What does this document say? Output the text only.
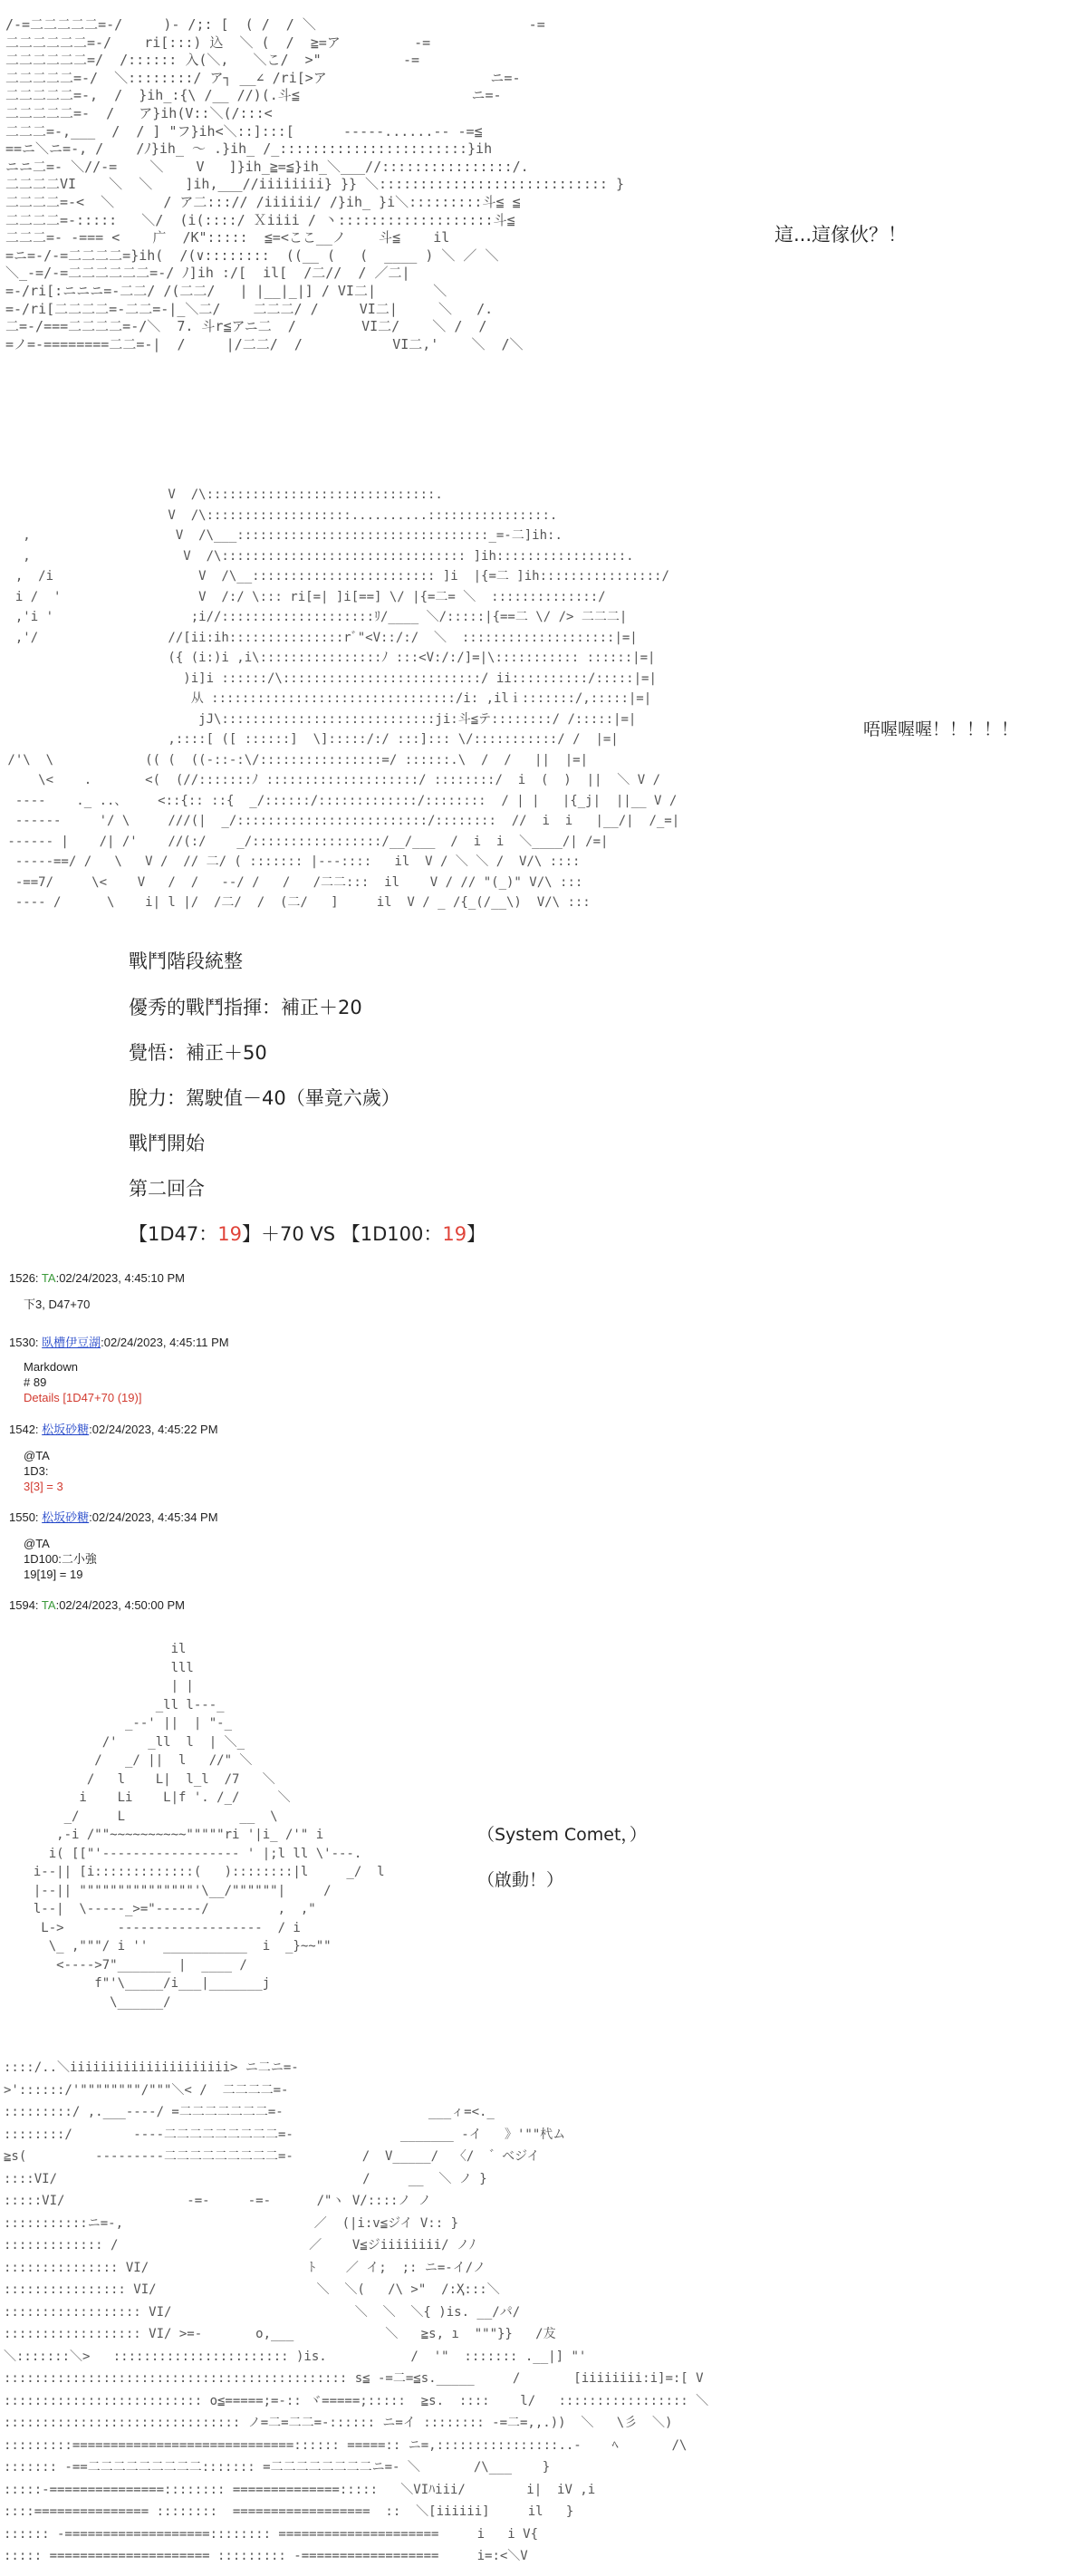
/-=二二二二二=-/     )- /;: [  ( /  / ＼                          -=
二二二二二二=-/    ri[:::) 込  ＼ (  /  ≧=ア         -=
二二二二二二=/  /:::::: 入(＼,   ＼こ/  >"          -=
二二二二二=-/  ＼::::::::/ ア┐ __∠ /ri[>ア                    ニ=-
二二二二二=-,  /  }ih_:{\ /__ //)(.斗≦                     ニ=-
二二二二二=-  /   ア}ih(V::＼(/:::<
二二二=-,___  /  / ] "フ}ih<＼::]:::[      -----......-- -=≦
==ニ＼ニ=-, /    /ﾉ}ih_ 〜 .}ih_ /_:::::::::::::::::::::::}ih
ニニ二=- ＼//-=    ＼    V   ]}ih_≧=≦}ih_＼___//::::::::::::::::/.
二二二二VI    ＼  ＼    ]ih,___//iiiiiiii} }} ＼:::::::::::::::::::::::::::: }
二二二二=-<  ＼      / ア二:::// /iiiiii/ /}ih_ }i＼:::::::::斗≦ ≦
二二二二=-:::::   ＼/  (i(::::/ Ｘiiii / 丶:::::::::::::::::::斗≦
二二二=- -=== <    广  /K":::::  ≦=<ここ__ノ    斗≦    il
=ニ=-/-=二二二二=}ih(  /(∨::::::::  ((__ (   (  ____ ) ＼ ／ ＼
＼_-=/-=二二二二二二=-/ ﾉ]ih :/[  il[  /二//  / ／二|
=-/ri[:ニニニ=-二二/ /(二二/   | |__|_|] / VI二|       ＼
=-/ri[二二二二=-二二=-|_＼二/    二二二/ /     VI二|     ＼   /.
二=-/===二二二二=-/＼  7. 斗r≦アニ二  /        VI二/    ＼ /  /
=ノ=-========二二=-|  /     |/二二/  /           VI二,'    ＼  /＼
這...這傢伙？！
V  /\::::::::::::::::::::::::::::::.
V  /\:::::::::::::::::::..........::::::::::::::::.
,                   V  /\___:::::::::::::::::::::::::::::::::_=-二]ih:.
,                    V  /\:::::::::::::::::::::::::::::::: ]ih:::::::::::::::::.
,  /i                   V  /\__:::::::::::::::::::::::: ]i  |{=二 ]ih::::::::::::::::/
i /  '                  V  /:/ \::: ri[=| ]i[==] \/ |{=二= ＼  ::::::::::::::/
,'i '                  ;i//::::::::::::::::::::ﾘ/____ ＼/:::::|{==二 \/ /> 二二二|
,'/                 //[ii:ih:::::::::::::::rﾞ"<V::/:/  ＼  ::::::::::::::::::::|=|
({ (i:)i ,i\::::::::::::::::ﾉ :::<V:/:/]=|\::::::::::: ::::::|=|
)i]i ::::::/\::::::::::::::::::::::::::/ ii::::::::::/:::::|=|
从 ::::::::::::::::::::::::::::::::/i: ,ilｉ:::::::/,:::::|=|
jJ\::::::::::::::::::::::::::::ji:斗≦テ::::::::/ /:::::|=|
,::::[ ([ ::::::]  \]:::::/:/ :::]::: \/:::::::::::/ /  |=|
/'\  \            (( (  ((-::-:\/::::::::::::::::=/ ::::::.\  /  /   ||  |=|
\<    .       <(  (//:::::::ﾉ ::::::::::::::::::::/ ::::::::/  i  (  )  ||  ＼ V /
----    ._ ..、    <::{:: ::{  _/::::::/:::::::::::::/::::::::  / | |   |{_j|  ||__ V /
------     '/ \     ///(|  _/:::::::::::::::::::::::::/::::::::  //  i  i   |__/|  /_=|
------ |    /| /'    //(:/    _/:::::::::::::::::/__/___  /  i  i  ＼____/| /=|
-----==/ /   \   V /  // 二/ ( ::::::: |---::::   il  V / ＼ ＼ /  V/\ ::::
-==7/     \<    V   /  /   --/ /   /   /二二:::  il    V / // "(_)" V/\ :::
---- /      \    i| l |/  /二/  /  (二/   ]     il  V / _ /{_(/__\)  V/\ :::
唔喔喔喔！！！！！
戰鬥階段統整
優秀的戰鬥指揮：補正＋20
覺悟：補正＋50
脫力：駕駛值－40（畢竟六歲）
戰鬥開始
第二回合
【1D47：19】＋70 VS 【1D100：19】
1526: TA:02/24/2023, 4:45:10 PM
下3, D47+70
1530: 臥槽伊豆湖:02/24/2023, 4:45:11 PM
Markdown
# 89
Details [1D47+70 (19)]
1542: 松坂砂糖:02/24/2023, 4:45:22 PM
@TA
1D3:
3[3] = 3
1550: 松坂砂糖:02/24/2023, 4:45:34 PM
@TA
1D100:二小強
19[19] = 19
1594: TA:02/24/2023, 4:50:00 PM
il
lll
| |
_ll l---_
_--' ||  | "-_
/'    _ll  l  | ＼_
/   _/ ||  l   //" ＼
/   l    L|  l_l  /7   ＼
i    Li    L|f '. /_/     ＼
_/     L               __  \
,-i /""~~~~~~~~~~"""""ri '|i_ /'" i
i( [["'------------------ ' |;l ll \'---.
i--|| [i:::::::::::::(   )::::::::|l     _/  l
|--|| """""""""""""""'\__/""""""|     /
l--|  \-----_>="------/         ,  ,"
L->       -------------------  / i
\_ ,"""/ i ''  ___________  i  _}~~""
<---->7"_______ |  ____ /
f"'\_____/i___|_______j
\______/
（System Comet，）
（啟動！）
::::/..＼iiiiiiiiiiiiiiiiiiiii> ニ二ニ=-
>'::::::/'""""""""/"""＼< /  二二二二=-
:::::::::/ ,.___----/ =二二二二二二二=-                   ___ィ=<._
::::::::/        ----二二二二二二二二二=-              _______ -イ   》'""杙ム
≧s(         ---------二二二二二二二二二=-         /  V_____/  〈/  ゛ベジイ
::::VI/                                        /     __  ＼ ノ }
:::::VI/                -=-     -=-      /"ヽ V/::::ノ ノ
:::::::::::ニ=-,                         ／  (|i:v≦ジイ V:: }
::::::::::::: /                         ／    V≦ジiiiiiiii/ ノﾉ
::::::::::::::: VI/                     ﾄ    ／ イ;  ;: ニ=-イ/ノ
:::::::::::::::: VI/                     ＼  ＼(   /\ >"  /:Ҳ:::＼
:::::::::::::::::: VI/                        ＼  ＼  ＼{ )is. __/パ/
:::::::::::::::::: VI/ >=-       o,___            ＼   ≧s, ı  """}}   /犮
＼:::::::＼>   ::::::::::::::::::::::: )is.           /  '"  ::::::: .__|] "'
::::::::::::::::::::::::::::::::::::::::::::: s≦ -=二=≦s._____     /       [iiiiiiii:i]=:[ V
:::::::::::::::::::::::::: o≦=====;=-:: ヾ=====;:::::  ≧s.  ::::    l/   ::::::::::::::::: ＼
::::::::::::::::::::::::::::::: ノ=二=二二=-:::::: ニ=イ :::::::: -=二=,,.))  ＼   \彡  ＼)
:::::::::=============================:::::: =====:: ニ=,::::::::::::::::..-    ﾍ       /\
::::::: -==二二二二二二二二二::::::: =二二二二二二二二ニ=- ＼       /\___    }
:::::-===============:::::::: ==============:::::   ＼VIﾊiii/        i|  iV ,i
::::=============== ::::::::  ==================  ::  ＼[iiiiii]     il   }
:::::: -===================:::::::: =====================     i   i V{
::::: ===================== ::::::::: -==================     i=:<＼V
